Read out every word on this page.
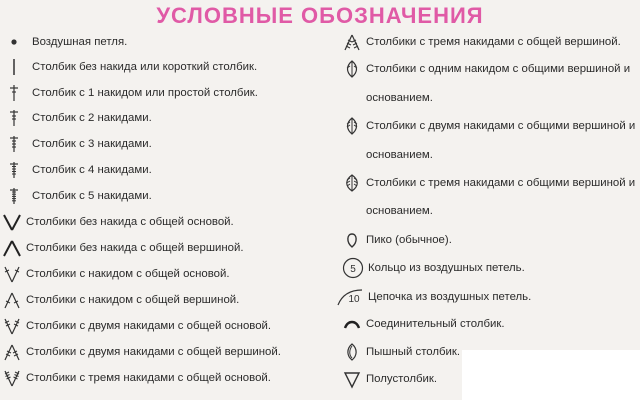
УСЛОВНЫЕ ОБОЗНАЧЕНИЯ
Воздушная петля.
Столбик без накида или короткий столбик.
Столбик с 1 накидом или простой столбик.
Столбик с 2 накидами.
Столбик с 3 накидами.
Столбик с 4 накидами.
Столбик с 5 накидами.
Столбики без накида с общей основой.
Столбики без накида с общей вершиной.
Столбики с накидом с общей основой.
Столбики с накидом с общей вершиной.
Столбики с двумя накидами с общей основой.
Столбики с двумя накидами с общей вершиной.
Столбики с тремя накидами с общей основой.
Столбики с тремя накидами с общей вершиной.
Столбики с одним накидом с общими вершиной и
основанием.
Столбики с двумя накидами с общими вершиной и
основанием.
Столбики с тремя накидами с общими вершиной и
основанием.
Пико (обычное).
5 Кольцо из воздушных петель.
10 Цепочка из воздушных петель.
Соединительный столбик.
Пышный столбик.
Полустолбик.
